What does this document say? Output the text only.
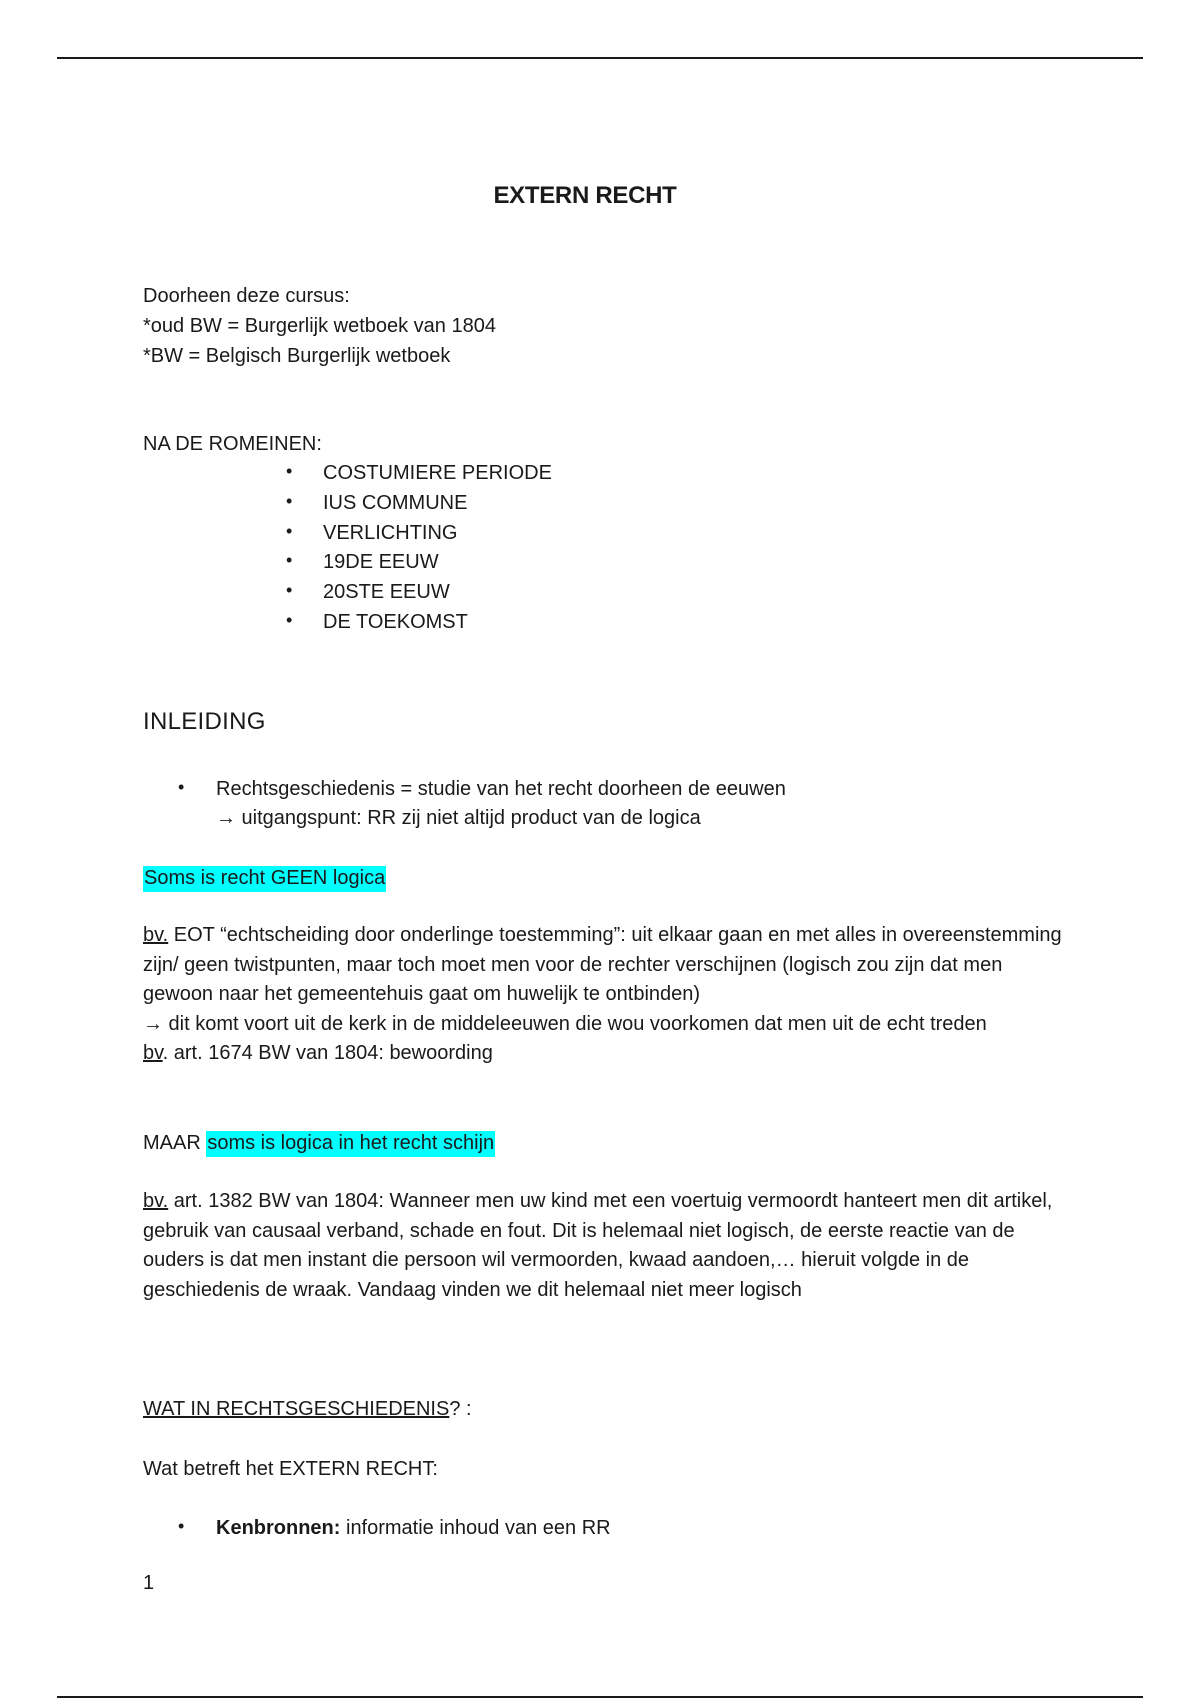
EXTERN RECHT
Doorheen deze cursus:
*oud BW = Burgerlijk wetboek van 1804
*BW = Belgisch Burgerlijk wetboek
NA DE ROMEINEN:
• COSTUMIERE PERIODE
• IUS COMMUNE
• VERLICHTING
• 19DE EEUW
• 20STE EEUW
• DE TOEKOMST
INLEIDING
• Rechtsgeschiedenis = studie van het recht doorheen de eeuwen
→ uitgangspunt: RR zij niet altijd product van de logica
Soms is recht GEEN logica
bv. EOT “echtscheiding door onderlinge toestemming”: uit elkaar gaan en met alles in overeenstemming zijn/ geen twistpunten, maar toch moet men voor de rechter verschijnen (logisch zou zijn dat men gewoon naar het gemeentehuis gaat om huwelijk te ontbinden)
→ dit komt voort uit de kerk in de middeleeuwen die wou voorkomen dat men uit de echt treden
bv. art. 1674 BW van 1804: bewoording
MAAR soms is logica in het recht schijn
bv. art. 1382 BW van 1804: Wanneer men uw kind met een voertuig vermoordt hanteert men dit artikel, gebruik van causaal verband, schade en fout. Dit is helemaal niet logisch, de eerste reactie van de ouders is dat men instant die persoon wil vermoorden, kwaad aandoen,… hieruit volgde in de geschiedenis de wraak. Vandaag vinden we dit helemaal niet meer logisch
WAT IN RECHTSGESCHIEDENIS? :
Wat betreft het EXTERN RECHT:
• Kenbronnen: informatie inhoud van een RR
1
